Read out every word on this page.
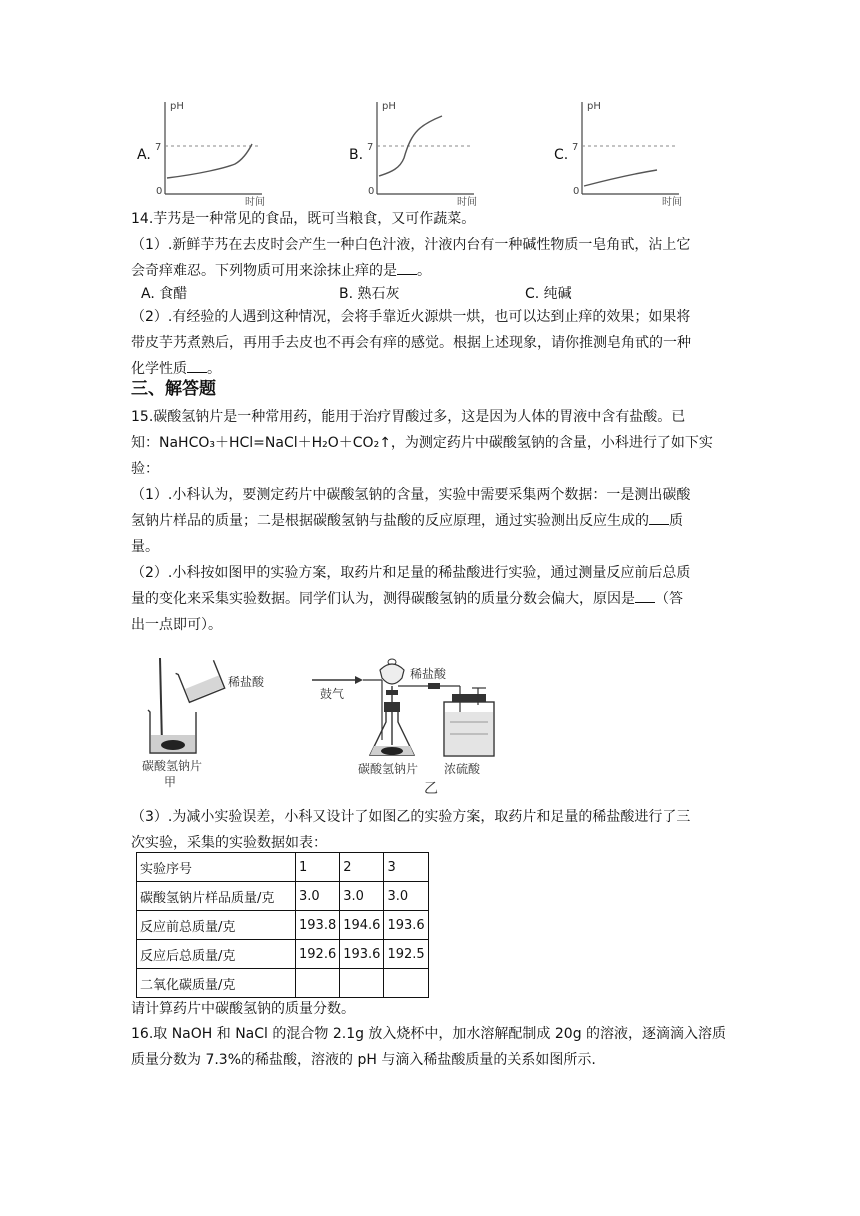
A.
pH
7
0
时间
B.
pH
7
0
时间
C.
pH
7
0
时间
14.芋艿是一种常见的食品，既可当粮食，又可作蔬菜。
（1）.新鲜芋艿在去皮时会产生一种白色汁液，汁液内台有一种碱性物质一皂角甙，沾上它
会奇痒难忍。下列物质可用来涂抹止痒的是 。
A. 食醋	B. 熟石灰	C. 纯碱
（2）.有经验的人遇到这种情况，会将手靠近火源烘一烘，也可以达到止痒的效果；如果将
带皮芋艿煮熟后，再用手去皮也不再会有痒的感觉。根据上述现象，请你推测皂角甙的一种
化学性质 。
三、解答题
15.碳酸氢钠片是一种常用药，能用于治疗胃酸过多，这是因为人体的胃液中含有盐酸。已
知：NaHCO₃＋HCl=NaCl＋H₂O＋CO₂↑，为测定药片中碳酸氢钠的含量，小科进行了如下实
验：
（1）.小科认为，要测定药片中碳酸氢钠的含量，实验中需要采集两个数据：一是测出碳酸
氢钠片样品的质量；二是根据碳酸氢钠与盐酸的反应原理，通过实验测出反应生成的 质
量。
（2）.小科按如图甲的实验方案，取药片和足量的稀盐酸进行实验，通过测量反应前后总质
量的变化来采集实验数据。同学们认为，测得碳酸氢钠的质量分数会偏大，原因是 （答
出一点即可）。
稀盐酸
碳酸氢钠片
甲
鼓气
稀盐酸
碳酸氢钠片 浓硫酸
乙
（3）.为减小实验误差，小科又设计了如图乙的实验方案，取药片和足量的稀盐酸进行了三
次实验，采集的实验数据如表：
实验序号	1	2	3
碳酸氢钠片样品质量/克	3.0	3.0	3.0
反应前总质量/克	193.8	194.6	193.6
反应后总质量/克	192.6	193.6	192.5
二氧化碳质量/克			
请计算药片中碳酸氢钠的质量分数。
16.取 NaOH 和 NaCl 的混合物 2.1g 放入烧杯中，加水溶解配制成 20g 的溶液，逐滴滴入溶质
质量分数为 7.3%的稀盐酸，溶液的 pH 与滴入稀盐酸质量的关系如图所示.
